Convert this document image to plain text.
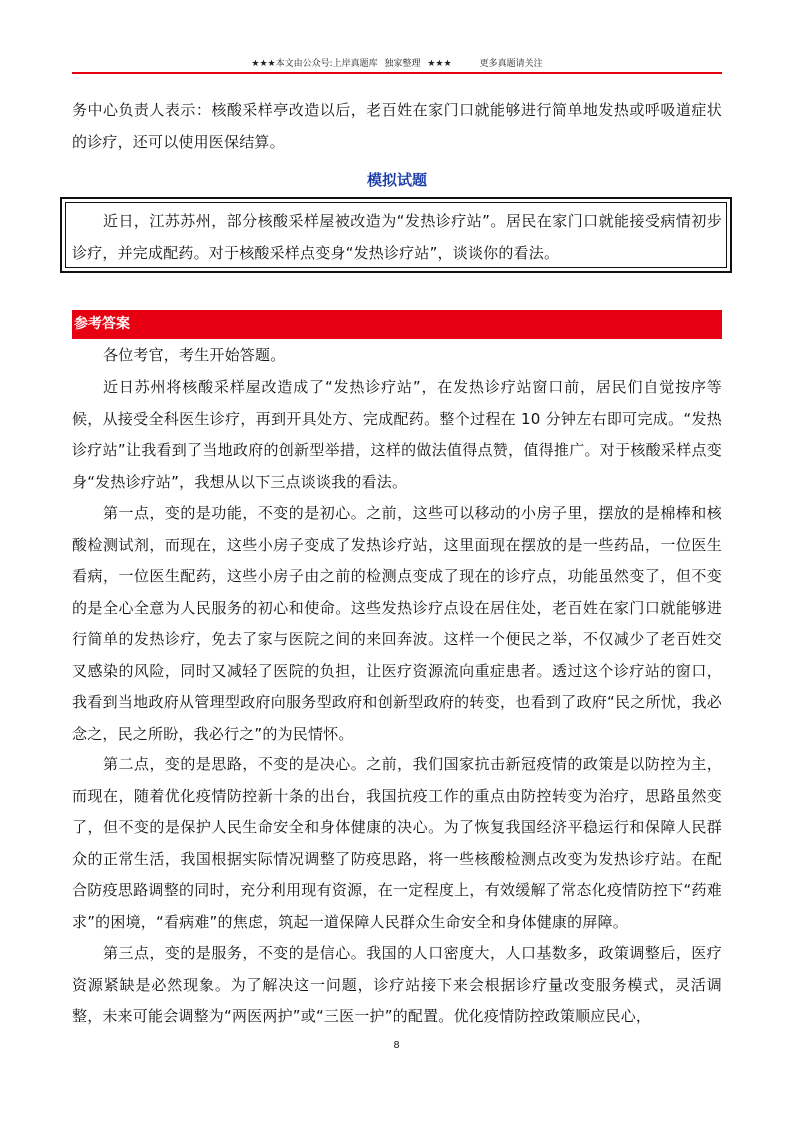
★★★本文由公众号:上岸真题库 独家整理 ★★★	更多真题请关注

务中心负责人表示：核酸采样亭改造以后，老百姓在家门口就能够进行简单地发热或呼吸道症状的诊疗，还可以使用医保结算。

模拟试题

近日，江苏苏州，部分核酸采样屋被改造为“发热诊疗站”。居民在家门口就能接受病情初步诊疗，并完成配药。对于核酸采样点变身“发热诊疗站”，谈谈你的看法。

参考答案

各位考官，考生开始答题。

近日苏州将核酸采样屋改造成了“发热诊疗站”，在发热诊疗站窗口前，居民们自觉按序等候，从接受全科医生诊疗，再到开具处方、完成配药。整个过程在 10 分钟左右即可完成。“发热诊疗站”让我看到了当地政府的创新型举措，这样的做法值得点赞，值得推广。对于核酸采样点变身“发热诊疗站”，我想从以下三点谈谈我的看法。

第一点，变的是功能，不变的是初心。之前，这些可以移动的小房子里，摆放的是棉棒和核酸检测试剂，而现在，这些小房子变成了发热诊疗站，这里面现在摆放的是一些药品，一位医生看病，一位医生配药，这些小房子由之前的检测点变成了现在的诊疗点，功能虽然变了，但不变的是全心全意为人民服务的初心和使命。这些发热诊疗点设在居住处，老百姓在家门口就能够进行简单的发热诊疗，免去了家与医院之间的来回奔波。这样一个便民之举，不仅减少了老百姓交叉感染的风险，同时又减轻了医院的负担，让医疗资源流向重症患者。透过这个诊疗站的窗口，我看到当地政府从管理型政府向服务型政府和创新型政府的转变，也看到了政府“民之所忧，我必念之，民之所盼，我必行之”的为民情怀。

第二点，变的是思路，不变的是决心。之前，我们国家抗击新冠疫情的政策是以防控为主，而现在，随着优化疫情防控新十条的出台，我国抗疫工作的重点由防控转变为治疗，思路虽然变了，但不变的是保护人民生命安全和身体健康的决心。为了恢复我国经济平稳运行和保障人民群众的正常生活，我国根据实际情况调整了防疫思路，将一些核酸检测点改变为发热诊疗站。在配合防疫思路调整的同时，充分利用现有资源，在一定程度上，有效缓解了常态化疫情防控下“药难求”的困境，“看病难”的焦虑，筑起一道保障人民群众生命安全和身体健康的屏障。

第三点，变的是服务，不变的是信心。我国的人口密度大，人口基数多，政策调整后，医疗资源紧缺是必然现象。为了解决这一问题，诊疗站接下来会根据诊疗量改变服务模式，灵活调整，未来可能会调整为“两医两护”或“三医一护”的配置。优化疫情防控政策顺应民心，

8
